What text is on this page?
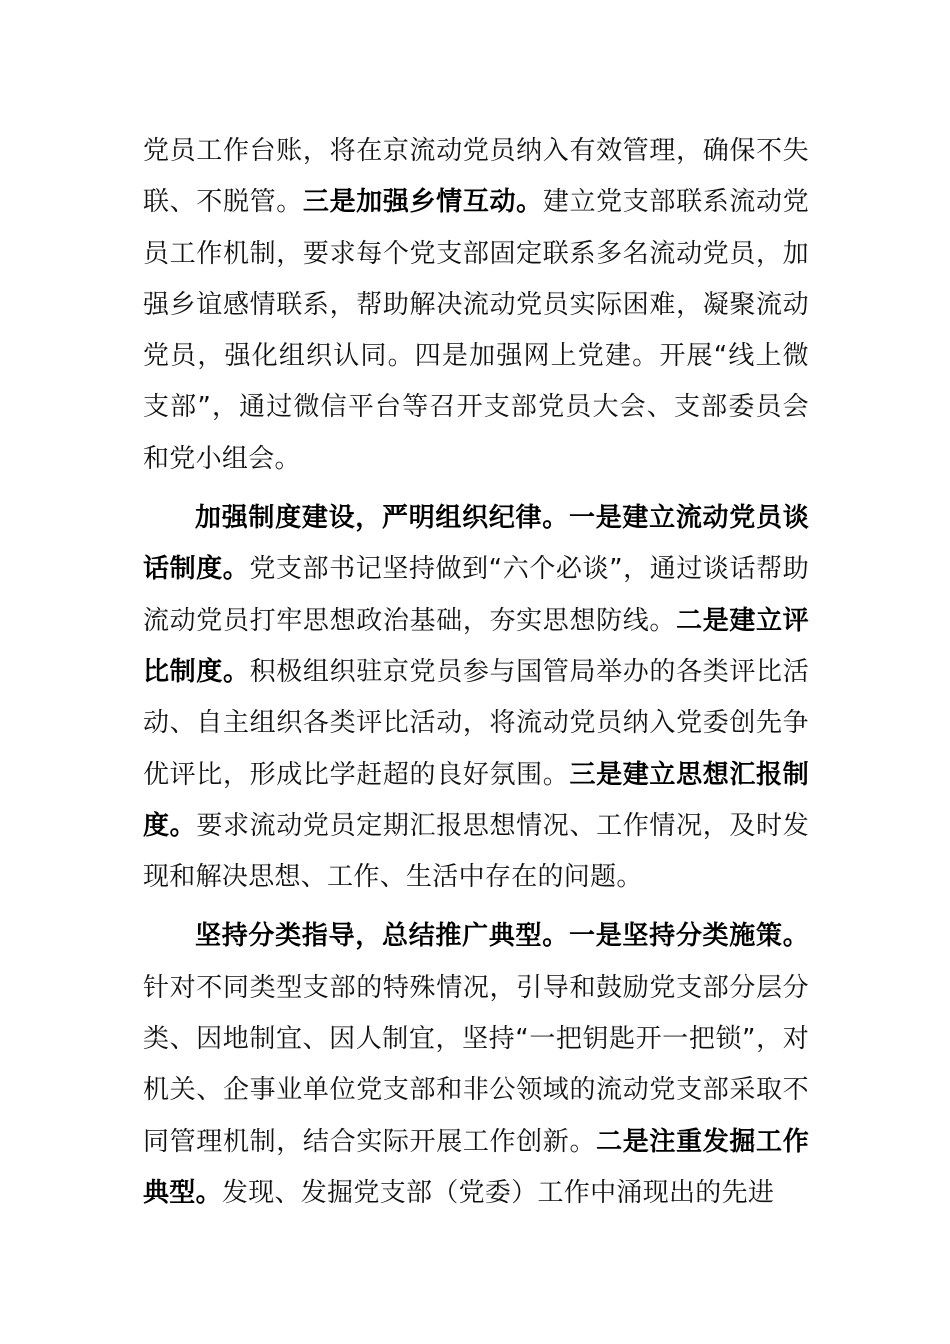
党员工作台账，将在京流动党员纳入有效管理，确保不失联、不脱管。三是加强乡情互动。建立党支部联系流动党员工作机制，要求每个党支部固定联系多名流动党员，加强乡谊感情联系，帮助解决流动党员实际困难，凝聚流动党员，强化组织认同。四是加强网上党建。开展“线上微支部”，通过微信平台等召开支部党员大会、支部委员会和党小组会。

加强制度建设，严明组织纪律。一是建立流动党员谈话制度。党支部书记坚持做到“六个必谈”，通过谈话帮助流动党员打牢思想政治基础，夯实思想防线。二是建立评比制度。积极组织驻京党员参与国管局举办的各类评比活动、自主组织各类评比活动，将流动党员纳入党委创先争优评比，形成比学赶超的良好氛围。三是建立思想汇报制度。要求流动党员定期汇报思想情况、工作情况，及时发现和解决思想、工作、生活中存在的问题。

坚持分类指导，总结推广典型。一是坚持分类施策。针对不同类型支部的特殊情况，引导和鼓励党支部分层分类、因地制宜、因人制宜，坚持“一把钥匙开一把锁”，对机关、企事业单位党支部和非公领域的流动党支部采取不同管理机制，结合实际开展工作创新。二是注重发掘工作典型。发现、发掘党支部（党委）工作中涌现出的先进
